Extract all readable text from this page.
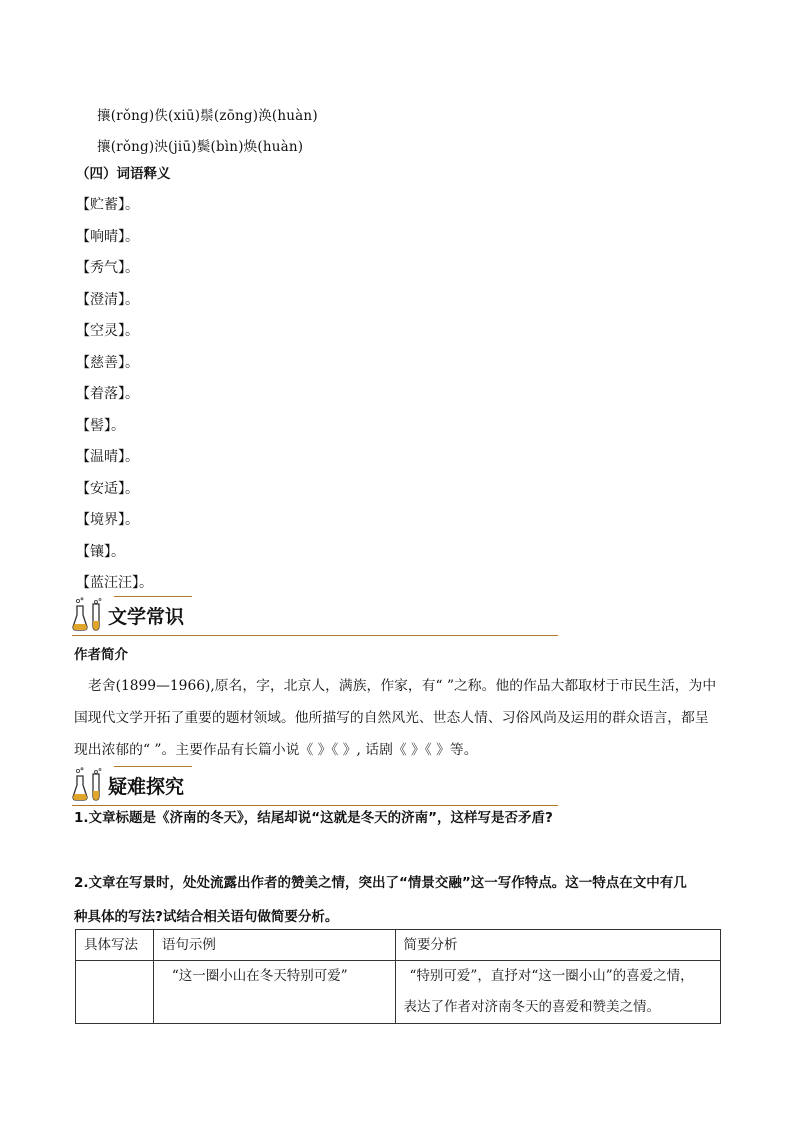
攘(rǒng)佚(xiū)鬃(zōng)涣(huàn)
攘(rǒng)泱(jiū)鬓(bìn)焕(huàn)
（四）词语释义
【贮蓄】。
【响晴】。
【秀气】。
【澄清】。
【空灵】。
【慈善】。
【着落】。
【髻】。
【温晴】。
【安适】。
【境界】。
【镶】。
【蓝汪汪】。
文学常识
作者简介
老舍(1899—1966),原名，字，北京人，满族，作家，有“ ”之称。他的作品大都取材于市民生活，为中
国现代文学开拓了重要的题材领域。他所描写的自然风光、世态人情、习俗风尚及运用的群众语言，都呈
现出浓郁的“ ”。主要作品有长篇小说《 》《 》, 话剧《 》《 》等。
疑难探究
1.文章标题是《济南的冬天》，结尾却说“这就是冬天的济南”，这样写是否矛盾?
2.文章在写景时，处处流露出作者的赞美之情，突出了“情景交融”这一写作特点。这一特点在文中有几
种具体的写法?试结合相关语句做简要分析。
具体写法	语句示例	简要分析
	“这一圈小山在冬天特别可爱”	“特别可爱”，直抒对“这一圈小山”的喜爱之情，
表达了作者对济南冬天的喜爱和赞美之情。
